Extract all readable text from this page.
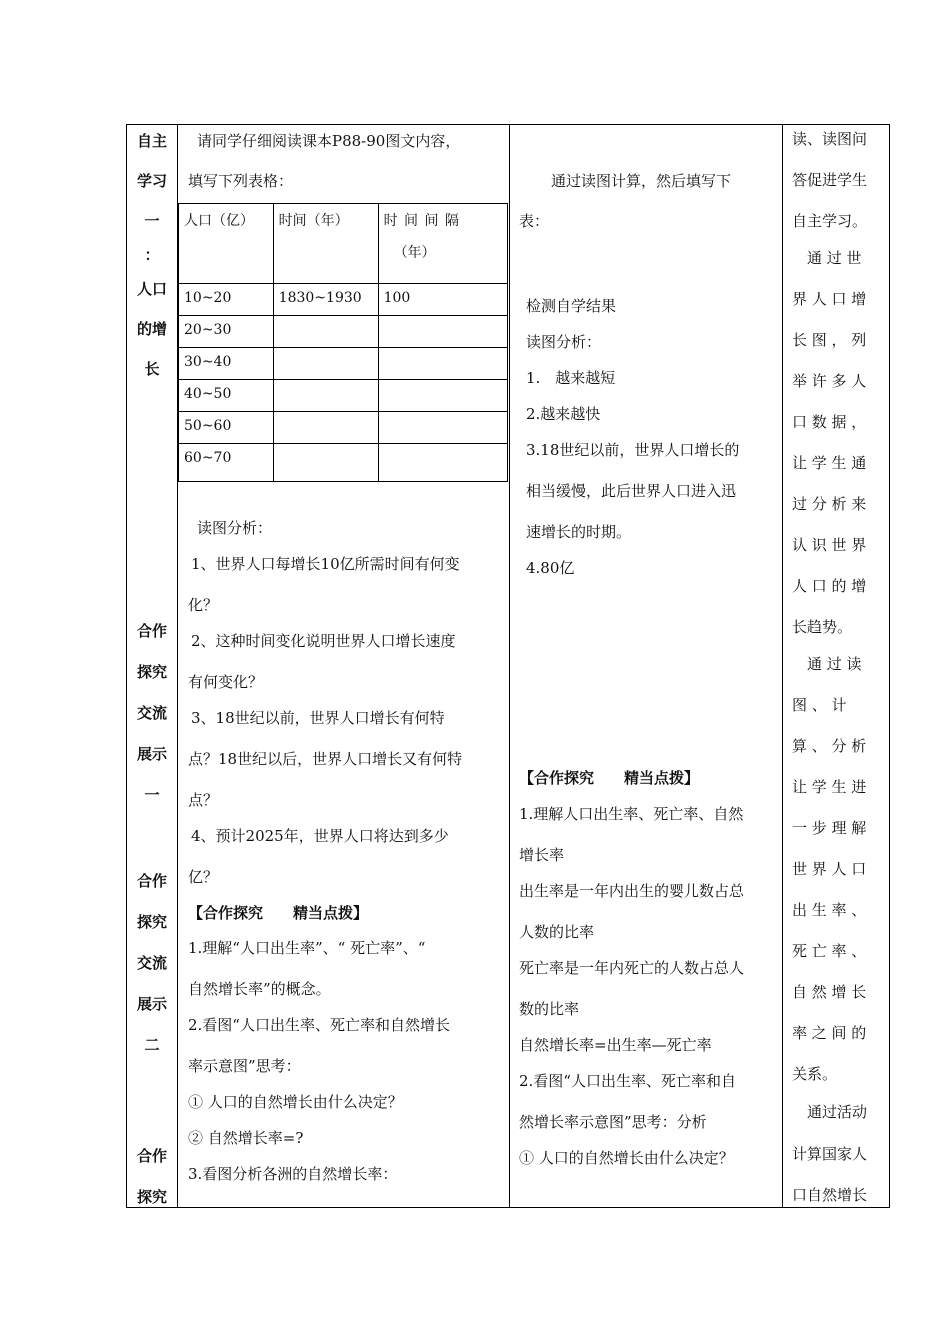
自主
学习
一
：
人口
的增
长
合作
探究
交流
展示
一
合作
探究
交流
展示
二
合作
探究
请同学仔细阅读课本P88-90图文内容，
填写下列表格：
人口（亿）	时间（年）	时 间 间 隔
（年）

10~20	1830~1930	100
20~30		
30~40		
40~50		
50~60		
60~70		
读图分析：
1、世界人口每增长10亿所需时间有何变
化？
2、这种时间变化说明世界人口增长速度
有何变化？
3、18世纪以前，世界人口增长有何特
点？18世纪以后，世界人口增长又有何特
点？
4、预计2025年，世界人口将达到多少
亿？
【合作探究　　精当点拨】
1.理解“人口出生率”、“ 死亡率”、“
自然增长率”的概念。
2.看图“人口出生率、死亡率和自然增长
率示意图”思考：
① 人口的自然增长由什么决定？
② 自然增长率=?
3.看图分析各洲的自然增长率：
通过读图计算，然后填写下
表：
检测自学结果
读图分析：
1.　越来越短
2.越来越快
3.18世纪以前，世界人口增长的
相当缓慢，此后世界人口进入迅
速增长的时期。
4.80亿
【合作探究　　精当点拨】
1.理解人口出生率、死亡率、自然
增长率
出生率是一年内出生的婴儿数占总
人数的比率
死亡率是一年内死亡的人数占总人
数的比率
自然增长率=出生率—死亡率
2.看图“人口出生率、死亡率和自
然增长率示意图”思考：分析
① 人口的自然增长由什么决定？
读、读图问
答促进学生
自主学习。
　通 过 世
界 人 口 增
长 图 ， 列
举 许 多 人
口 数 据 ，
让 学 生 通
过 分 析 来
认 识 世 界
人 口 的 增
长趋势。
　通 过 读
图 、 计
算 、 分 析
让 学 生 进
一 步 理 解
世 界 人 口
出 生 率 、
死 亡 率 、
自 然 增 长
率 之 间 的
关系。
　通过活动
计算国家人
口自然增长
